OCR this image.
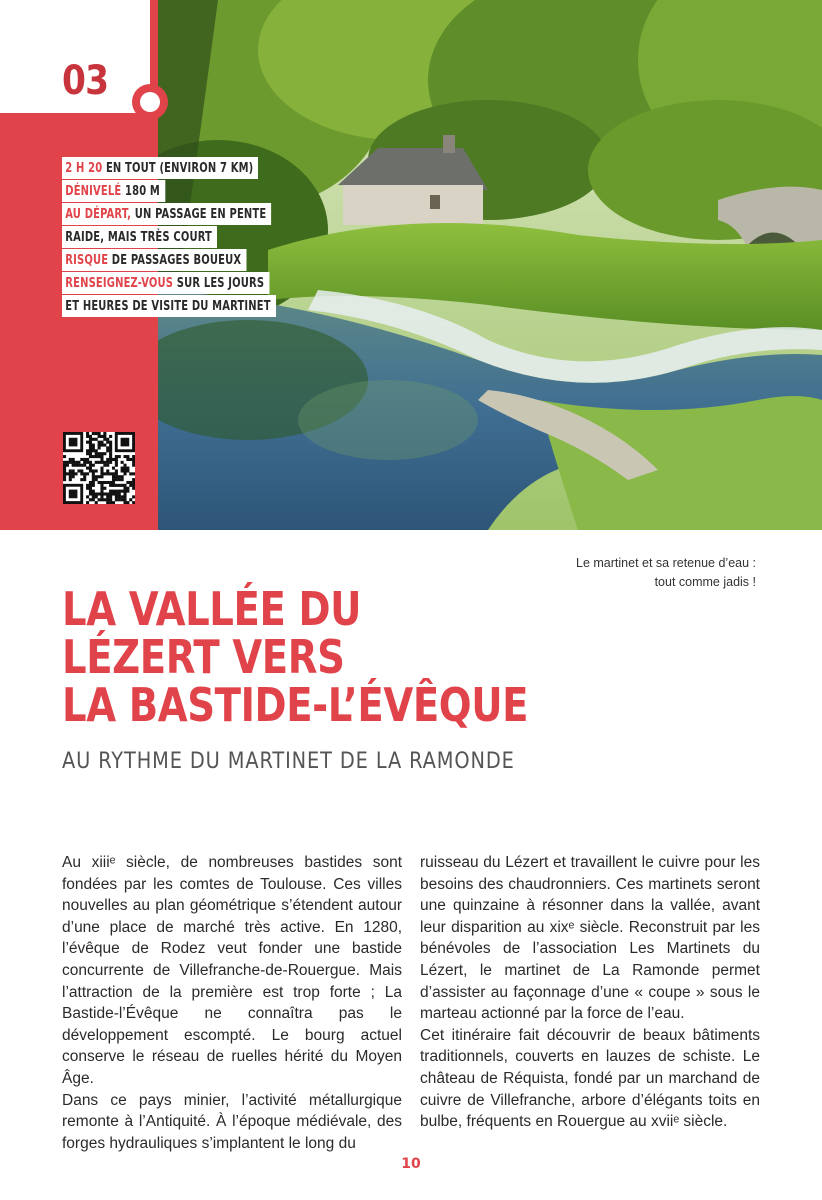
03
2 H 20 EN TOUT (ENVIRON 7 KM)
DÉNIVELÉ 180 M
AU DÉPART, UN PASSAGE EN PENTE
RAIDE, MAIS TRÈS COURT
RISQUE DE PASSAGES BOUEUX
RENSEIGNEZ-VOUS SUR LES JOURS
ET HEURES DE VISITE DU MARTINET
Le martinet et sa retenue d’eau :
tout comme jadis !
LA VALLÉE DU
LÉZERT VERS
LA BASTIDE-L’ÉVÊQUE
AU RYTHME DU MARTINET DE LA RAMONDE

Au xiiiᵉ siècle, de nombreuses bastides sont fondées par les comtes de Toulouse. Ces villes nouvelles au plan géométrique s’étendent autour d’une place de marché très active. En 1280, l’évêque de Rodez veut fonder une bastide concurrente de Villefranche-de-Rouergue. Mais l’attraction de la première est trop forte ; La Bastide-l’Évêque ne connaîtra pas le développement escompté. Le bourg actuel conserve le réseau de ruelles hérité du Moyen Âge.

Dans ce pays minier, l’activité métallurgique remonte à l’Antiquité. À l’époque médiévale, des forges hydrauliques s’implantent le long du

ruisseau du Lézert et travaillent le cuivre pour les besoins des chaudronniers. Ces martinets seront une quinzaine à résonner dans la vallée, avant leur disparition au xixᵉ siècle. Reconstruit par les bénévoles de l’association Les Martinets du Lézert, le martinet de La Ramonde permet d’assister au façonnage d’une « coupe » sous le marteau actionné par la force de l’eau.

Cet itinéraire fait découvrir de beaux bâtiments traditionnels, couverts en lauzes de schiste. Le château de Réquista, fondé par un marchand de cuivre de Villefranche, arbore d’élégants toits en bulbe, fréquents en Rouergue au xviiᵉ siècle.

10
